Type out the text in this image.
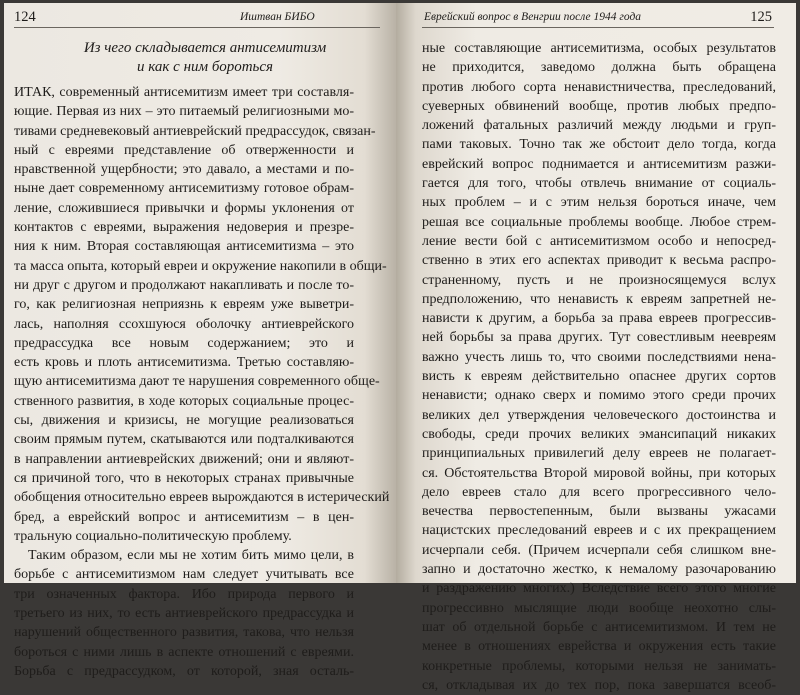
124	Иштван БИБО
Из чего складывается антисемитизм
и как с ним бороться
ИТАК, современный антисемитизм имеет три составля-
ющие. Первая из них – это питаемый религиозными мо-
тивами средневековый антиеврейский предрассудок, связан-
ный с евреями представление об отверженности и
нравственной ущербности; это давало, а местами и по-
ныне дает современному антисемитизму готовое обрам-
ление, сложившиеся привычки и формы уклонения от
контактов с евреями, выражения недоверия и презре-
ния к ним. Вторая составляющая антисемитизма – это
та масса опыта, который евреи и окружение накопили в общи-
ни друг с другом и продолжают накапливать и после то-
го, как религиозная неприязнь к евреям уже выветри-
лась, наполняя ссохшуюся оболочку антиеврейского
предрассудка все новым содержанием; это и
есть кровь и плоть антисемитизма. Третью составляю-
щую антисемитизма дают те нарушения современного обще-
ственного развития, в ходе которых социальные процес-
сы, движения и кризисы, не могущие реализоваться
своим прямым путем, скатываются или подталкиваются
в направлении антиеврейских движений; они и являют-
ся причиной того, что в некоторых странах привычные
обобщения относительно евреев вырождаются в истерический
бред, а еврейский вопрос и антисемитизм – в цен-
тральную социально-политическую проблему.
Таким образом, если мы не хотим бить мимо цели, в
борьбе с антисемитизмом нам следует учитывать все
три означенных фактора. Ибо природа первого и
третьего из них, то есть антиеврейского предрассудка и
нарушений общественного развития, такова, что нельзя
бороться с ними лишь в аспекте отношений с евреями.
Борьба с предрассудком, от которой, зная осталь-
Еврейский вопрос в Венгрии после 1944 года	125
ные составляющие антисемитизма, особых результатов
не приходится, заведомо должна быть обращена
против любого сорта ненавистничества, преследований,
суеверных обвинений вообще, против любых предпо-
ложений фатальных различий между людьми и груп-
пами таковых. Точно так же обстоит дело тогда, когда
еврейский вопрос поднимается и антисемитизм разжи-
гается для того, чтобы отвлечь внимание от социаль-
ных проблем – и с этим нельзя бороться иначе, чем
решая все социальные проблемы вообще. Любое стрем-
ление вести бой с антисемитизмом особо и непосред-
ственно в этих его аспектах приводит к весьма распро-
страненному, пусть и не произносящемуся вслух
предположению, что ненависть к евреям запретней не-
нависти к другим, а борьба за права евреев прогрессив-
ней борьбы за права других. Тут совестливым неевреям
важно учесть лишь то, что своими последствиями нена-
висть к евреям действительно опаснее других сортов
ненависти; однако сверх и помимо этого среди прочих
великих дел утверждения человеческого достоинства и
свободы, среди прочих великих эмансипаций никаких
принципиальных привилегий делу евреев не полагает-
ся. Обстоятельства Второй мировой войны, при которых
дело евреев стало для всего прогрессивного чело-
вечества первостепенным, были вызваны ужасами
нацистских преследований евреев и с их прекращением
исчерпали себя. (Причем исчерпали себя слишком вне-
запно и достаточно жестко, к немалому разочарованию
и раздражению многих.) Вследствие всего этого многие
прогрессивно мыслящие люди вообще неохотно слы-
шат об отдельной борьбе с антисемитизмом. И тем не
менее в отношениях еврейства и окружения есть такие
конкретные проблемы, которыми нельзя не занимать-
ся, откладывая их до тех пор, пока завершатся всеоб-
